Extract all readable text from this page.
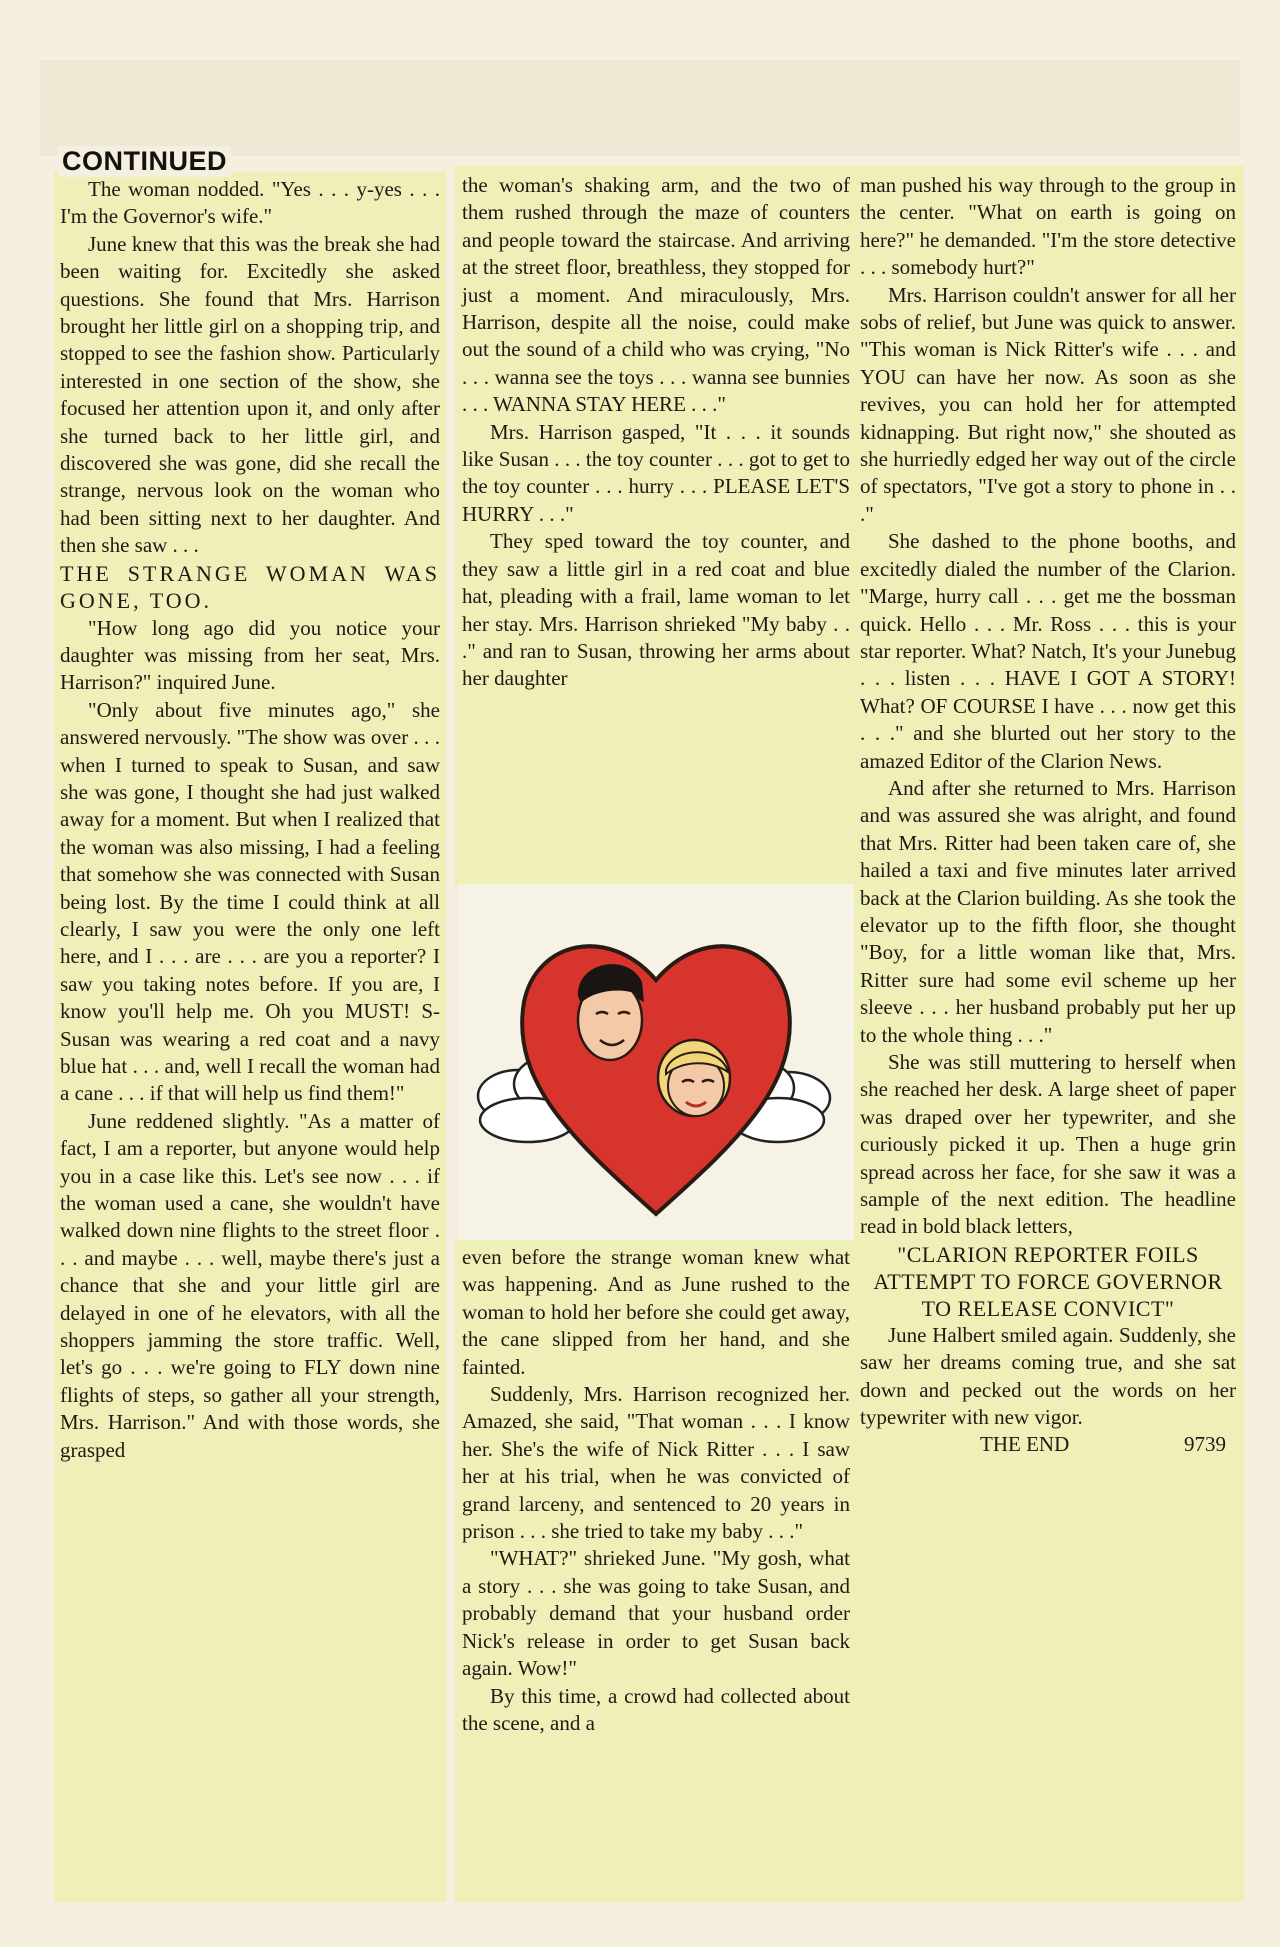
CONTINUED

The woman nodded. "Yes . . . y-yes . . . I'm the Governor's wife."

June knew that this was the break she had been waiting for. Excitedly she asked questions. She found that Mrs. Harrison brought her little girl on a shopping trip, and stopped to see the fashion show. Particularly interested in one section of the show, she focused her attention upon it, and only after she turned back to her little girl, and discovered she was gone, did she recall the strange, nervous look on the woman who had been sitting next to her daughter. And then she saw . . .

THE STRANGE WOMAN WAS GONE, TOO.

"How long ago did you notice your daughter was missing from her seat, Mrs. Harrison?" inquired June.

"Only about five minutes ago," she answered nervously. "The show was over . . . when I turned to speak to Susan, and saw she was gone, I thought she had just walked away for a moment. But when I realized that the woman was also missing, I had a feeling that somehow she was connected with Susan being lost. By the time I could think at all clearly, I saw you were the only one left here, and I . . . are . . . are you a reporter? I saw you taking notes before. If you are, I know you'll help me. Oh you MUST! S-Susan was wearing a red coat and a navy blue hat . . . and, well I recall the woman had a cane . . . if that will help us find them!"

June reddened slightly. "As a matter of fact, I am a reporter, but anyone would help you in a case like this. Let's see now . . . if the woman used a cane, she wouldn't have walked down nine flights to the street floor . . . and maybe . . . well, maybe there's just a chance that she and your little girl are delayed in one of he elevators, with all the shoppers jamming the store traffic. Well, let's go . . . we're going to FLY down nine flights of steps, so gather all your strength, Mrs. Harrison." And with those words, she grasped

the woman's shaking arm, and the two of them rushed through the maze of counters and people toward the staircase. And arriving at the street floor, breathless, they stopped for just a moment. And miraculously, Mrs. Harrison, despite all the noise, could make out the sound of a child who was crying, "No . . . wanna see the toys . . . wanna see bunnies . . . WANNA STAY HERE . . ."

Mrs. Harrison gasped, "It . . . it sounds like Susan . . . the toy counter . . . got to get to the toy counter . . . hurry . . . PLEASE LET'S HURRY . . ."

They sped toward the toy counter, and they saw a little girl in a red coat and blue hat, pleading with a frail, lame woman to let her stay. Mrs. Harrison shrieked "My baby . . ." and ran to Susan, throwing her arms about her daughter

even before the strange woman knew what was happening. And as June rushed to the woman to hold her before she could get away, the cane slipped from her hand, and she fainted.

Suddenly, Mrs. Harrison recognized her. Amazed, she said, "That woman . . . I know her. She's the wife of Nick Ritter . . . I saw her at his trial, when he was convicted of grand larceny, and sentenced to 20 years in prison . . . she tried to take my baby . . ."

"WHAT?" shrieked June. "My gosh, what a story . . . she was going to take Susan, and probably demand that your husband order Nick's release in order to get Susan back again. Wow!"

By this time, a crowd had collected about the scene, and a

man pushed his way through to the group in the center. "What on earth is going on here?" he demanded. "I'm the store detective . . . somebody hurt?"

Mrs. Harrison couldn't answer for all her sobs of relief, but June was quick to answer. "This woman is Nick Ritter's wife . . . and YOU can have her now. As soon as she revives, you can hold her for attempted kidnapping. But right now," she shouted as she hurriedly edged her way out of the circle of spectators, "I've got a story to phone in . . ."

She dashed to the phone booths, and excitedly dialed the number of the Clarion. "Marge, hurry call . . . get me the bossman quick. Hello . . . Mr. Ross . . . this is your star reporter. What? Natch, It's your Junebug . . . listen . . . HAVE I GOT A STORY! What? OF COURSE I have . . . now get this . . ." and she blurted out her story to the amazed Editor of the Clarion News.

And after she returned to Mrs. Harrison and was assured she was alright, and found that Mrs. Ritter had been taken care of, she hailed a taxi and five minutes later arrived back at the Clarion building. As she took the elevator up to the fifth floor, she thought "Boy, for a little woman like that, Mrs. Ritter sure had some evil scheme up her sleeve . . . her husband probably put her up to the whole thing . . ."

She was still muttering to herself when she reached her desk. A large sheet of paper was draped over her typewriter, and she curiously picked it up. Then a huge grin spread across her face, for she saw it was a sample of the next edition. The headline read in bold black letters,

"CLARION REPORTER FOILS ATTEMPT TO FORCE GOVERNOR TO RELEASE CONVICT"

June Halbert smiled again. Suddenly, she saw her dreams coming true, and she sat down and pecked out the words on her typewriter with new vigor.

THE END	9739
